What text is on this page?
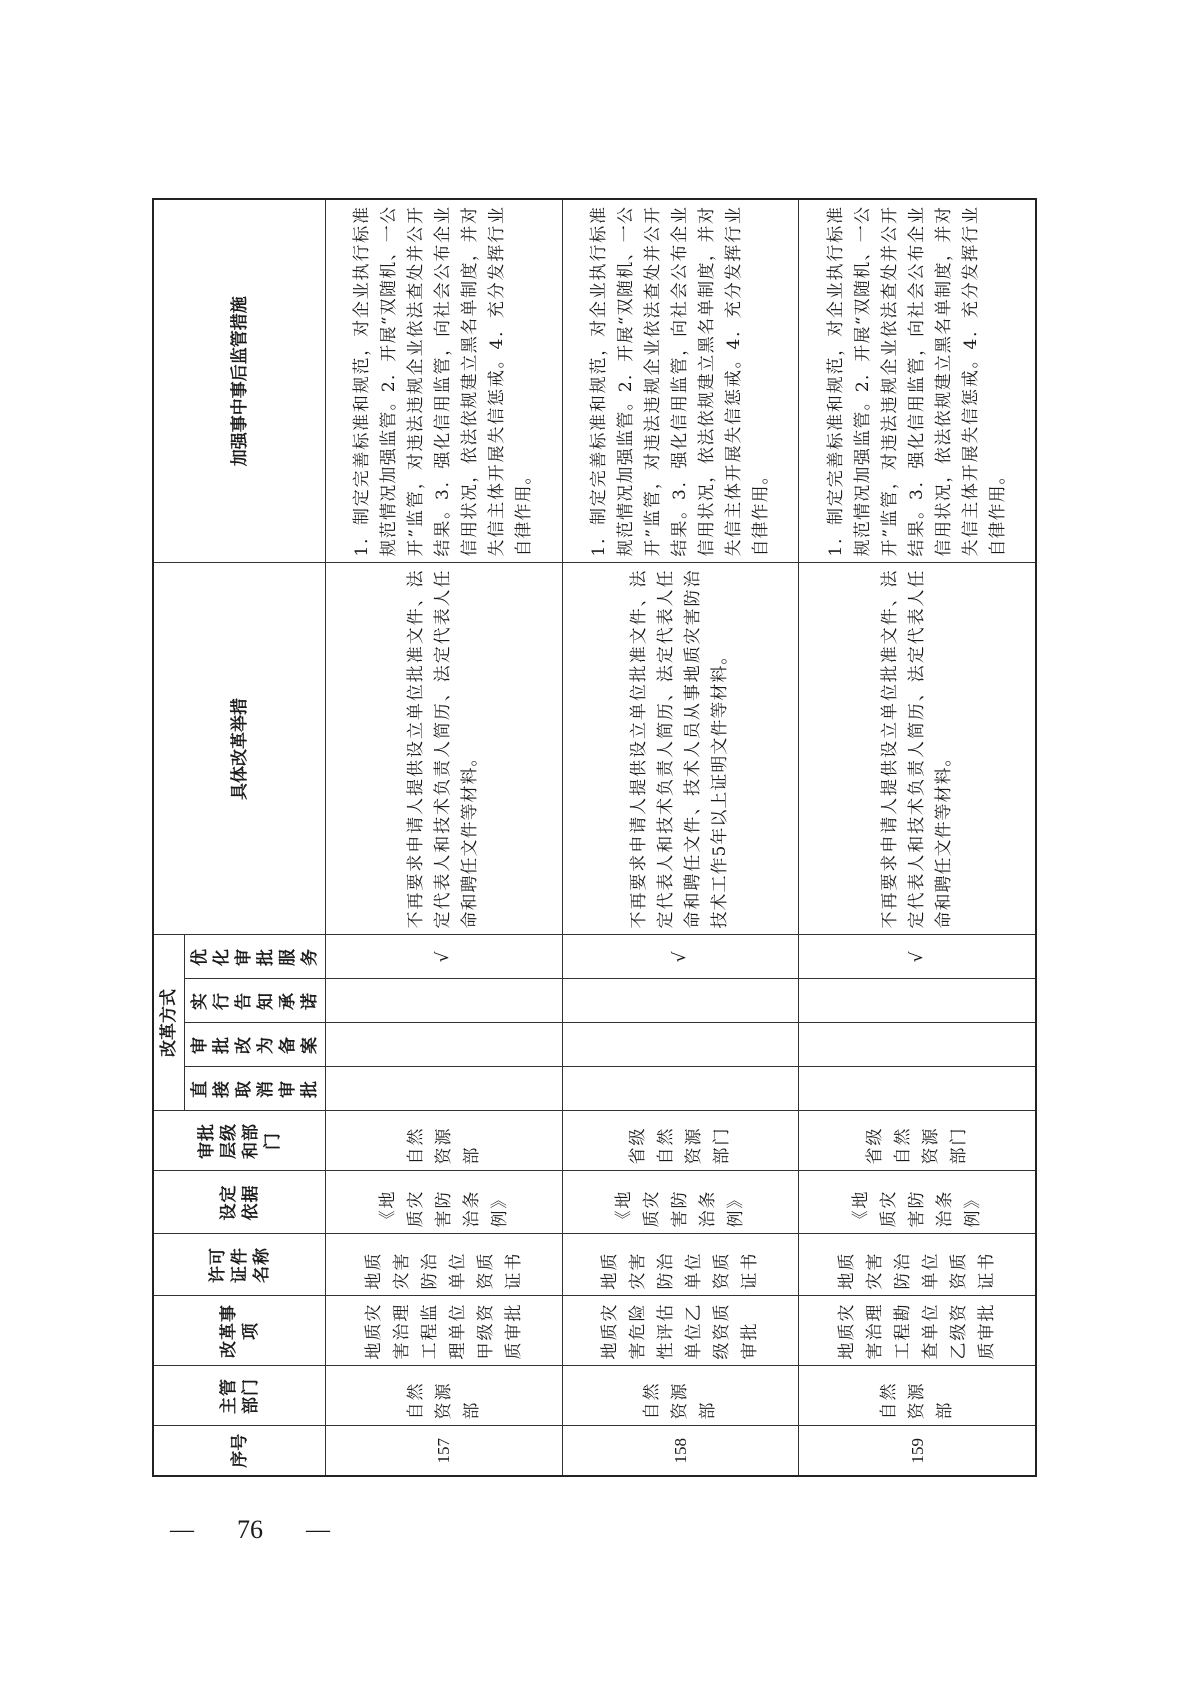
序号	主管部门	改革事项	许可证件名称	设定依据	审批层级和部门	改革方式				具体改革举措	加强事中事后监管措施
						直接取消审批	审批改为备案	实行告知承诺	优化审批服务		
157	自然资源部	地质灾害治理工程监理单位甲级资质审批	地质灾害防治单位资质证书	《地质灾害防治条例》	自然资源部				√	不再要求申请人提供设立单位批准文件、法定代表人和技术负责人简历、法定代表人任命和聘任文件等材料。	1．制定完善标准和规范，对企业执行标准规范情况加强监管。2．开展“双随机、一公开”监管，对违法违规企业依法查处并公开结果。3．强化信用监管，向社会公布企业信用状况，依法依规建立黑名单制度，并对失信主体开展失信惩戒。4．充分发挥行业自律作用。
158	自然资源部	地质灾害危险性评估单位乙级资质审批	地质灾害防治单位资质证书	《地质灾害防治条例》	省级自然资源部门				√	不再要求申请人提供设立单位批准文件、法定代表人和技术负责人简历、法定代表人任命和聘任文件、技术人员从事地质灾害防治技术工作5年以上证明文件等材料。	1．制定完善标准和规范，对企业执行标准规范情况加强监管。2．开展“双随机、一公开”监管，对违法违规企业依法查处并公开结果。3．强化信用监管，向社会公布企业信用状况，依法依规建立黑名单制度，并对失信主体开展失信惩戒。4．充分发挥行业自律作用。
159	自然资源部	地质灾害治理工程勘查单位乙级资质审批	地质灾害防治单位资质证书	《地质灾害防治条例》	省级自然资源部门				√	不再要求申请人提供设立单位批准文件、法定代表人和技术负责人简历、法定代表人任命和聘任文件等材料。	1．制定完善标准和规范，对企业执行标准规范情况加强监管。2．开展“双随机、一公开”监管，对违法违规企业依法查处并公开结果。3．强化信用监管，向社会公布企业信用状况，依法依规建立黑名单制度，并对失信主体开展失信惩戒。4．充分发挥行业自律作用。
— 76 —
